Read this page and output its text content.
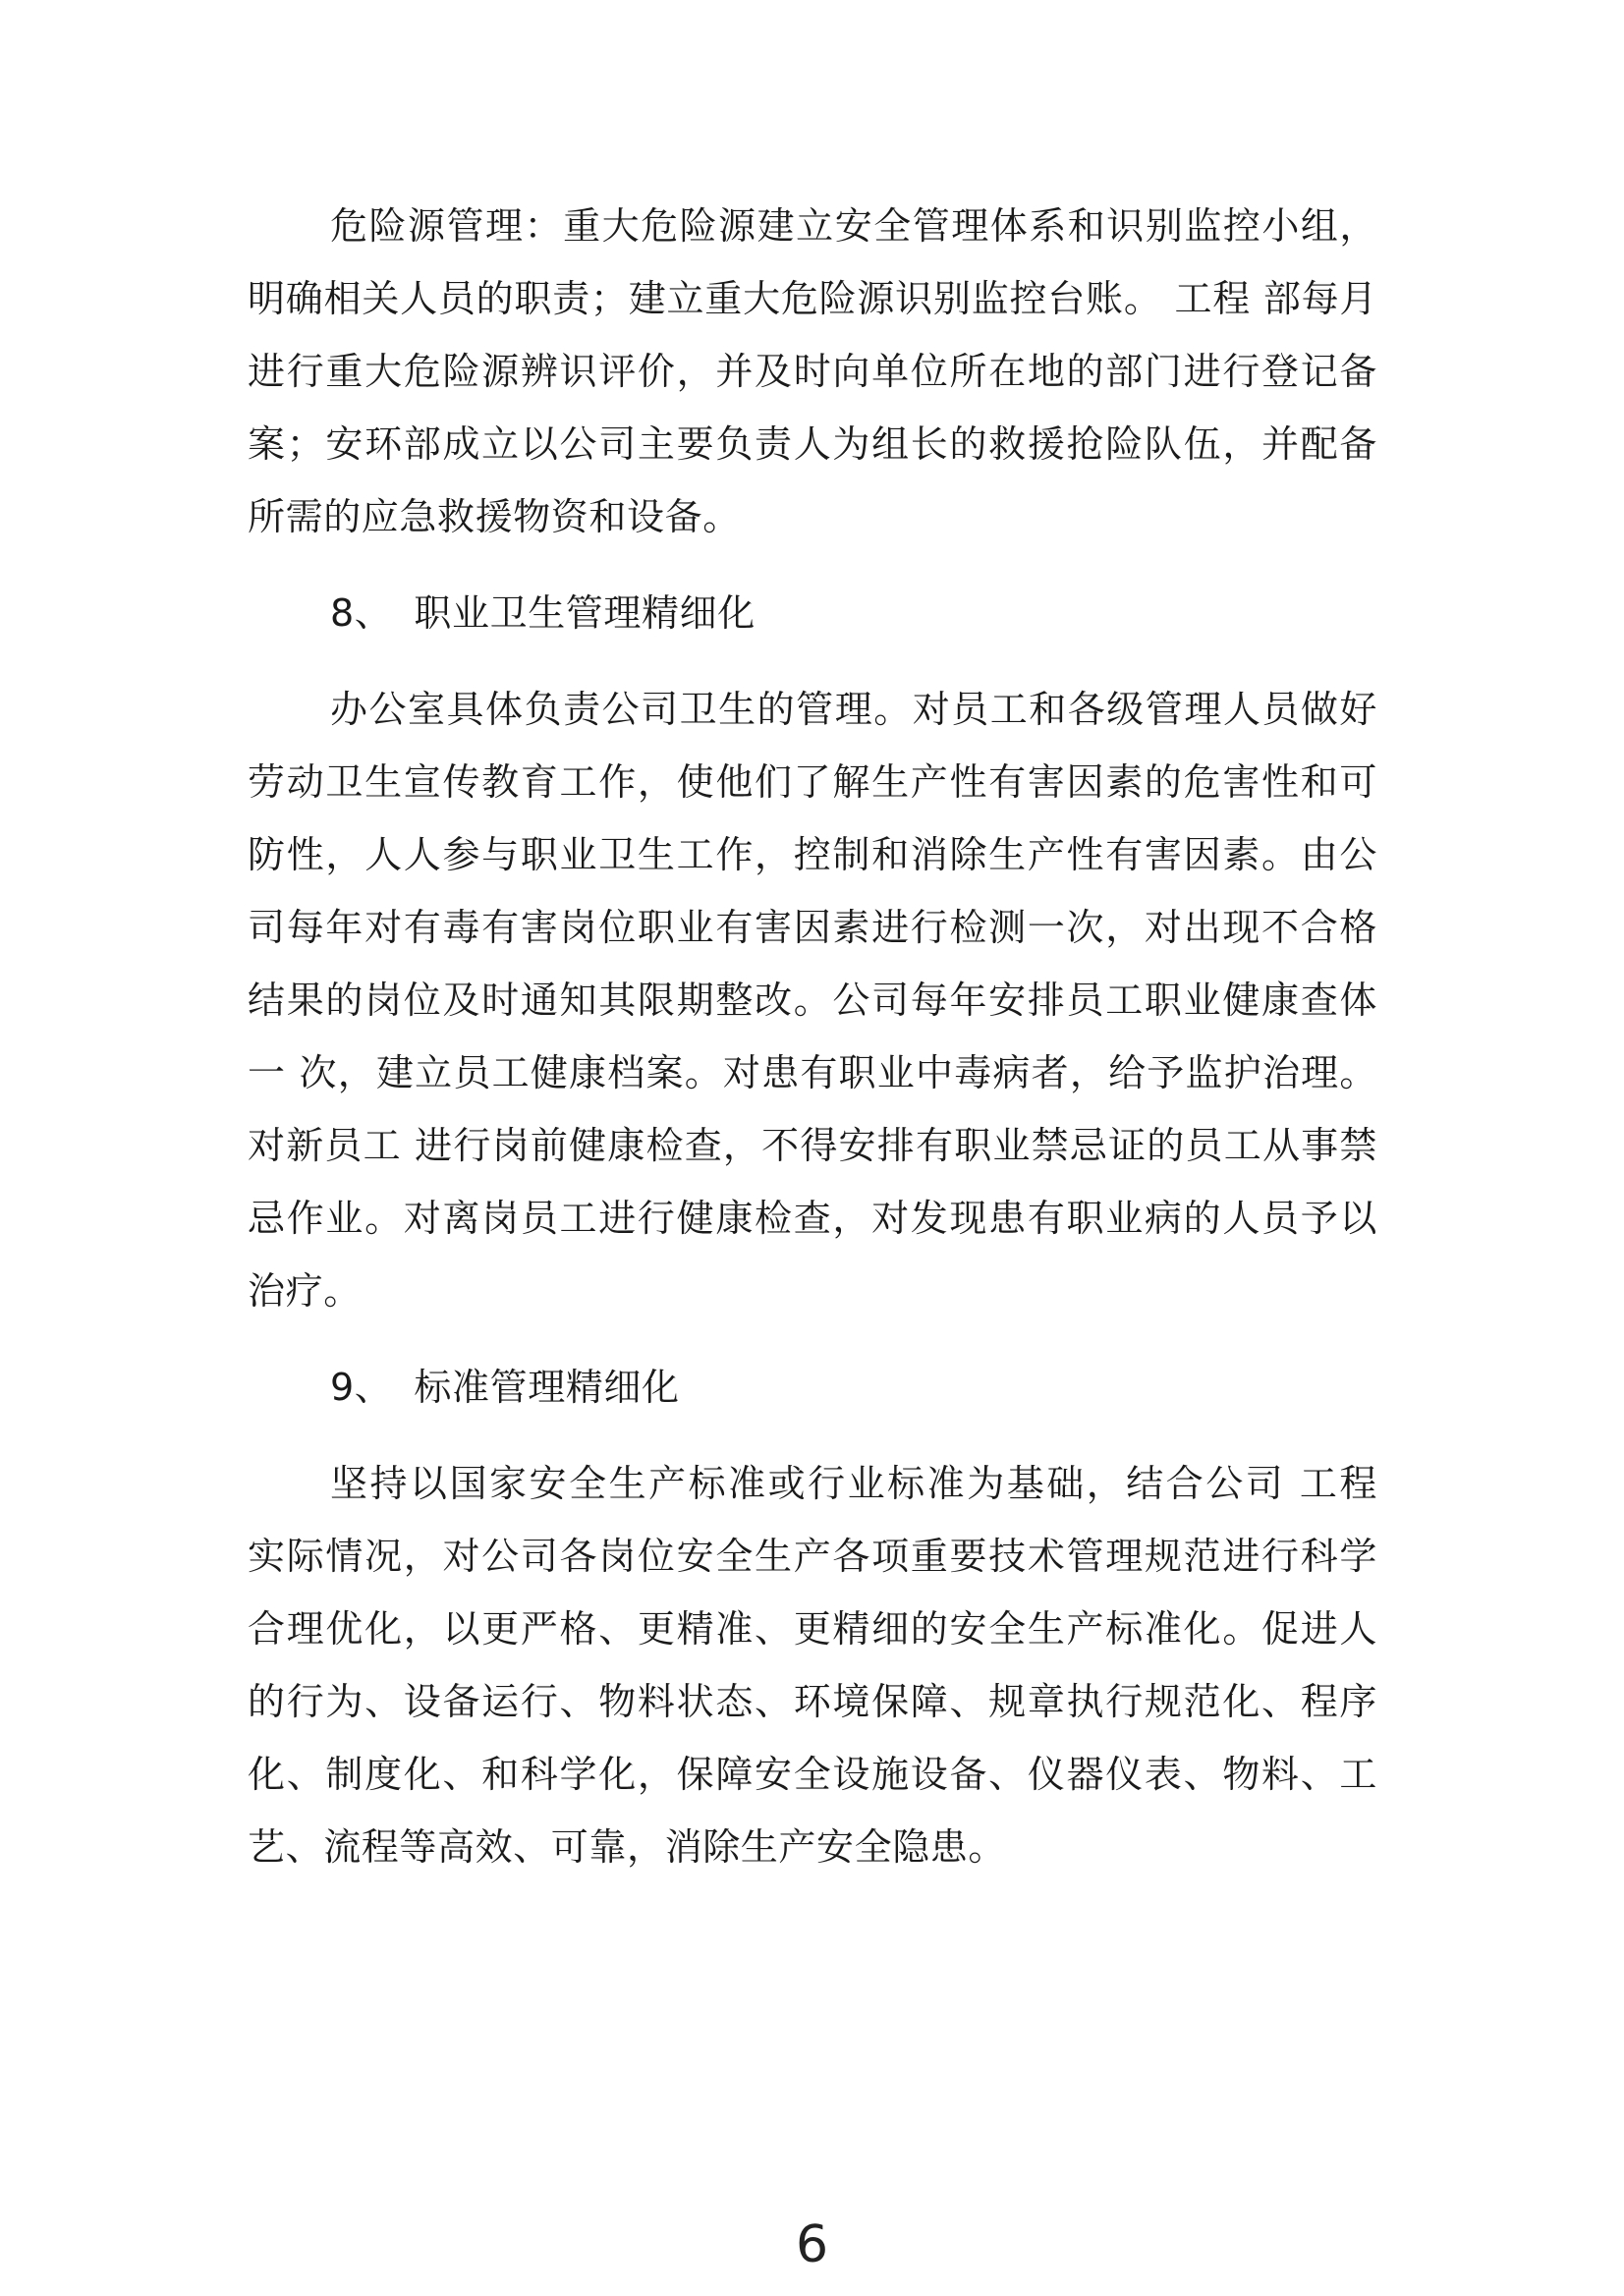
危险源管理：重大危险源建立安全管理体系和识别监控小组，明确相关人员的职责；建立重大危险源识别监控台账。 工程 部每月进行重大危险源辨识评价，并及时向单位所在地的部门进行登记备案；安环部成立以公司主要负责人为组长的救援抢险队伍，并配备所需的应急救援物资和设备。

8、 职业卫生管理精细化

办公室具体负责公司卫生的管理。对员工和各级管理人员做好劳动卫生宣传教育工作，使他们了解生产性有害因素的危害性和可防性，人人参与职业卫生工作，控制和消除生产性有害因素。由公司每年对有毒有害岗位职业有害因素进行检测一次，对出现不合格结果的岗位及时通知其限期整改。公司每年安排员工职业健康查体一 次，建立员工健康档案。对患有职业中毒病者，给予监护治理。对新员工 进行岗前健康检查，不得安排有职业禁忌证的员工从事禁忌作业。对离岗员工进行健康检查，对发现患有职业病的人员予以治疗。

9、 标准管理精细化

坚持以国家安全生产标准或行业标准为基础，结合公司 工程 实际情况，对公司各岗位安全生产各项重要技术管理规范进行科学合理优化，以更严格、更精准、更精细的安全生产标准化。促进人的行为、设备运行、物料状态、环境保障、规章执行规范化、程序化、制度化、和科学化，保障安全设施设备、仪器仪表、物料、工艺、流程等高效、可靠，消除生产安全隐患。

6
